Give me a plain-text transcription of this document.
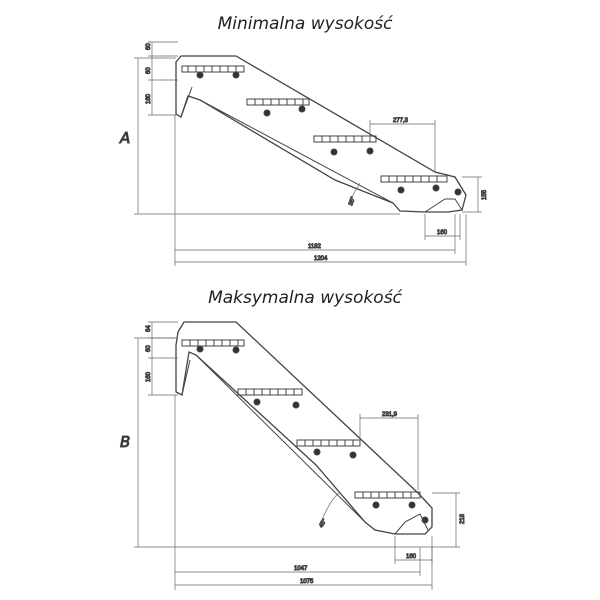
Minimalna wysokość
Maksymalna wysokość
A
60
60
160
277,3
35°
155
160
1182
1204
B
64
60
160
231,9
45°	218
160
1047
1075
